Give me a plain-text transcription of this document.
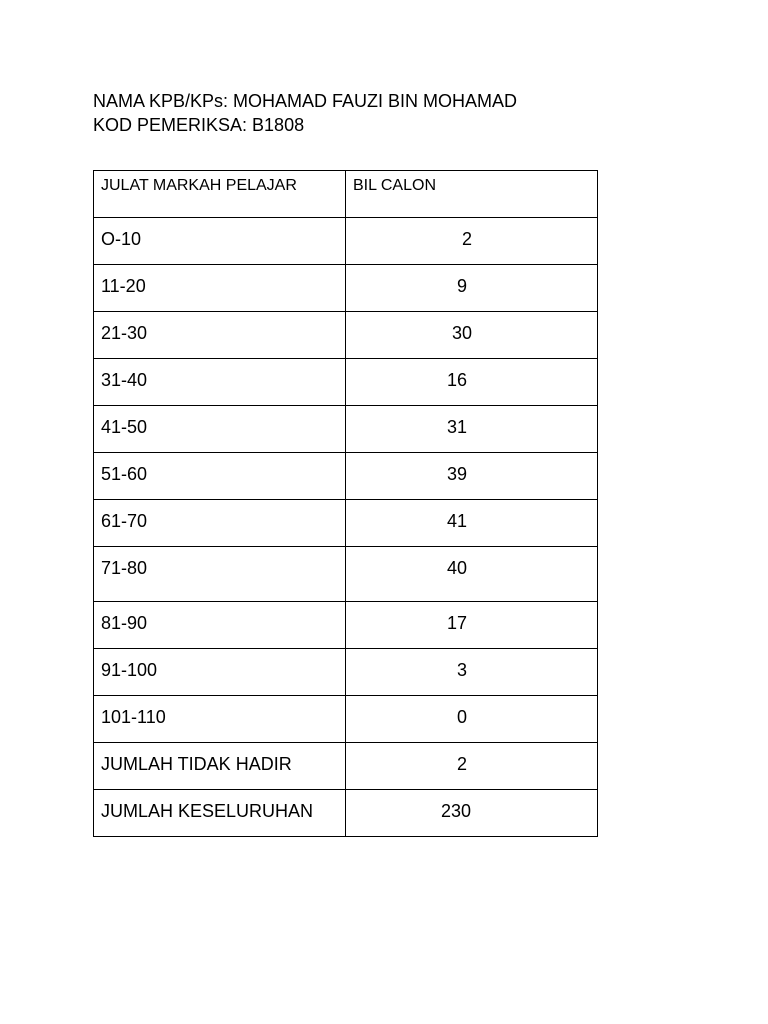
NAMA KPB/KPs: MOHAMAD FAUZI BIN MOHAMAD
KOD PEMERIKSA: B1808
JULAT MARKAH PELAJAR	BIL CALON

O-10	2

11-20	9

21-30	30

31-40	16

41-50	31

51-60	39

61-70	41

71-80	40

81-90	17

91-100	3

101-110	0

JUMLAH TIDAK HADIR	2

JUMLAH KESELURUHAN	230
